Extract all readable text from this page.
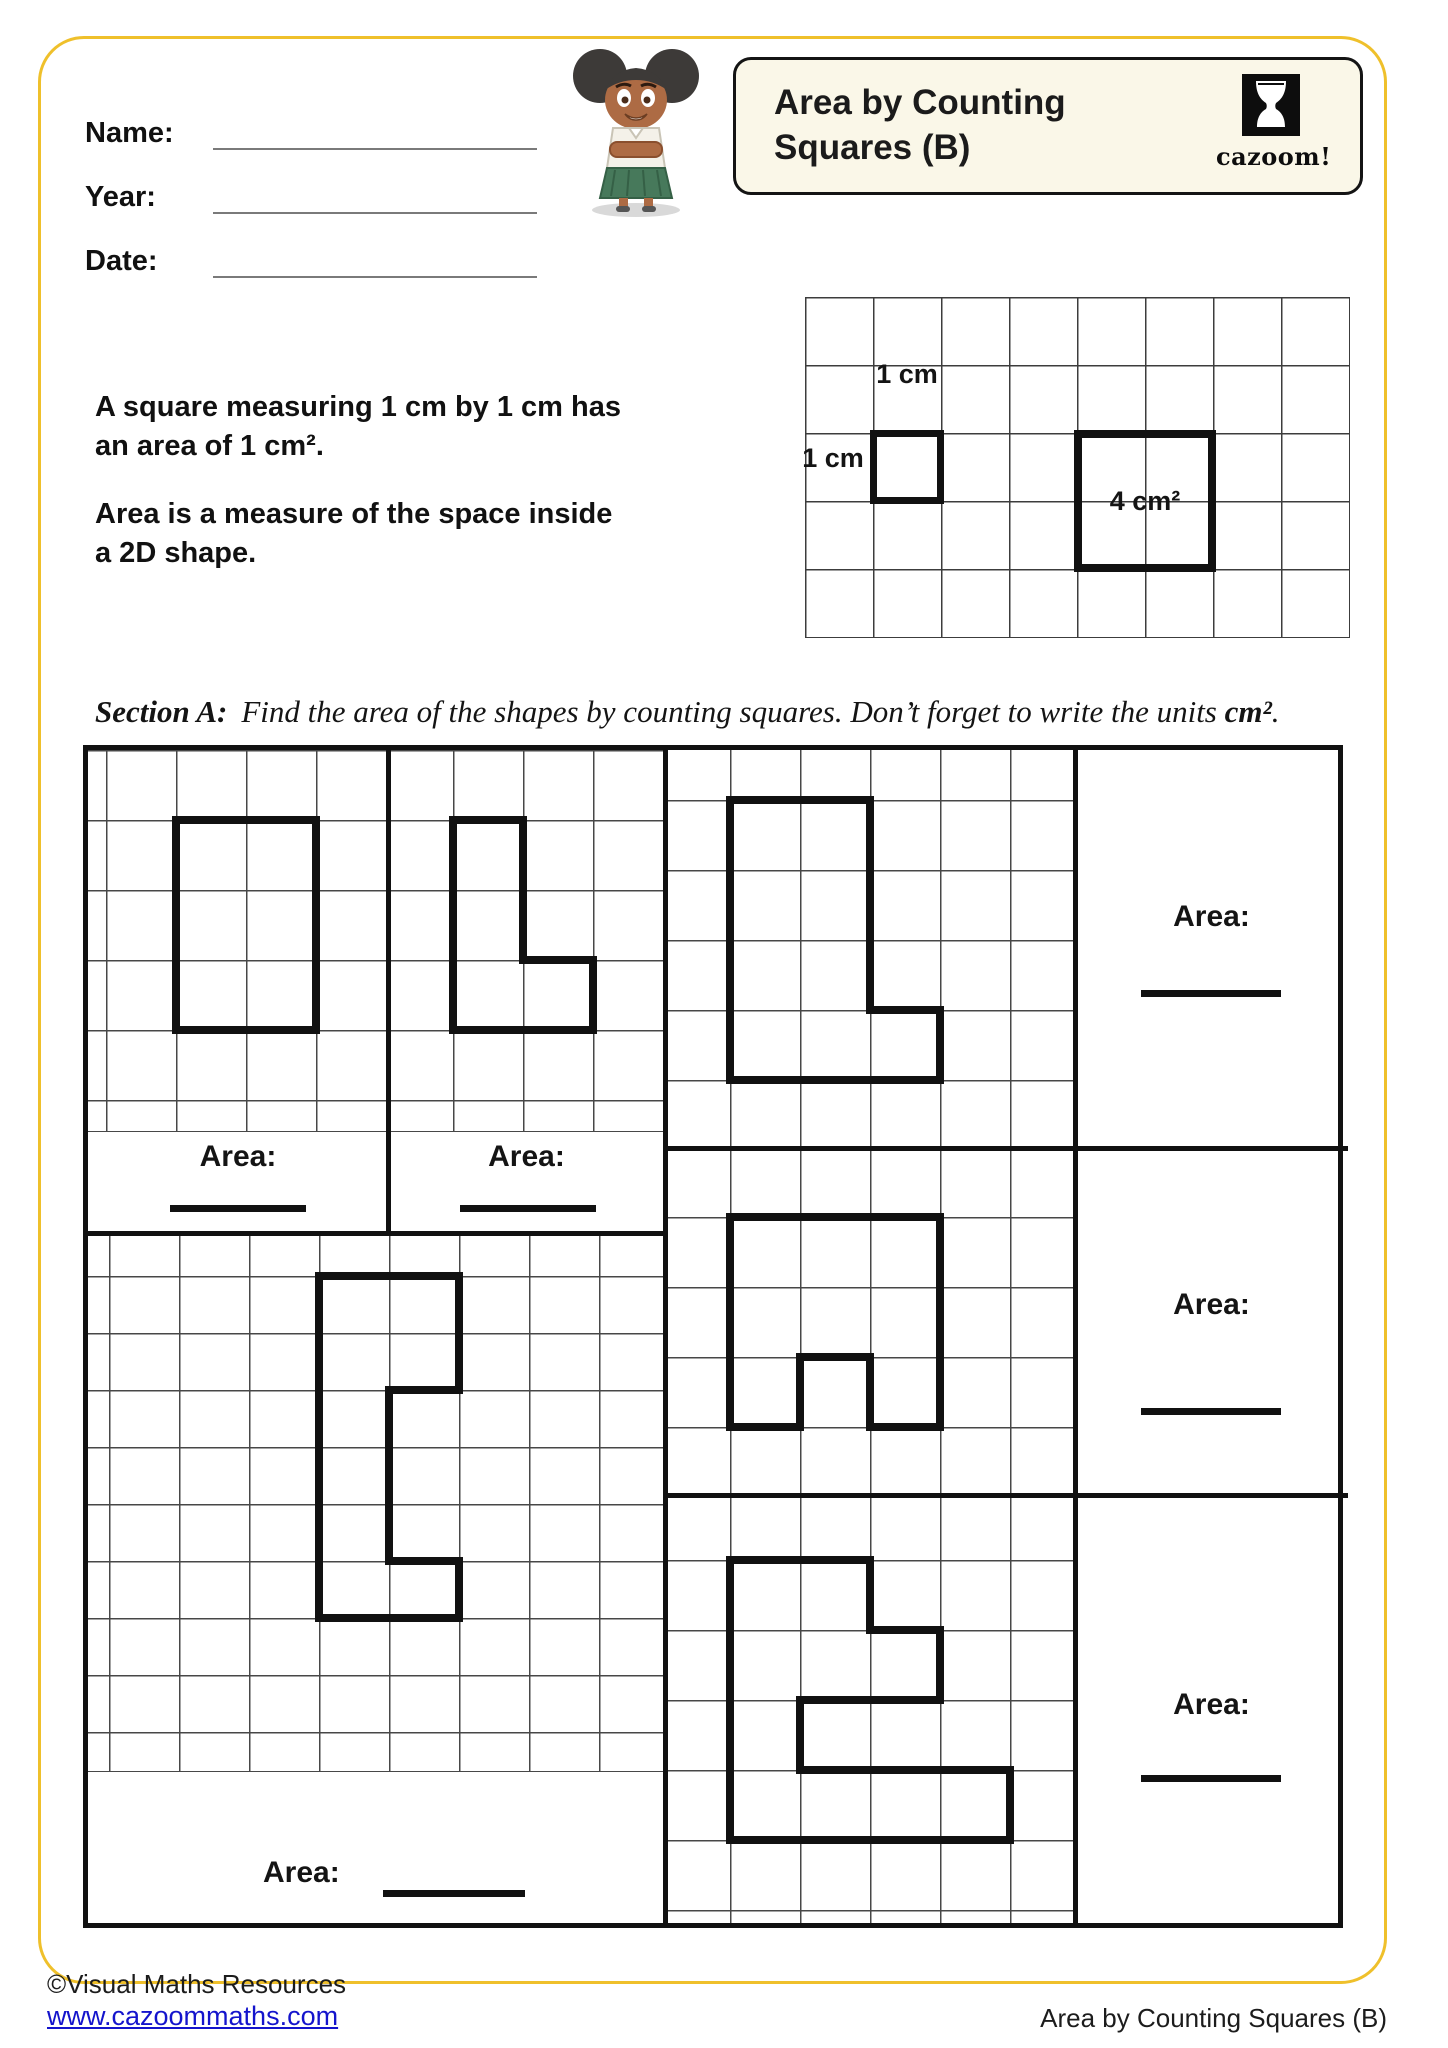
Name:
Year:
Date:
Area by Counting Squares (B)	cazoom!
A square measuring 1 cm by 1 cm has
an area of 1 cm².
Area is a measure of the space inside
a 2D shape.
1 cm
1 cm
4 cm²
Section A: Find the area of the shapes by counting squares. Don’t forget to write the units cm².
Area:	Area:
Area:
Area:
Area:
Area:
©Visual Maths Resources
www.cazoommaths.com	Area by Counting Squares (B)
